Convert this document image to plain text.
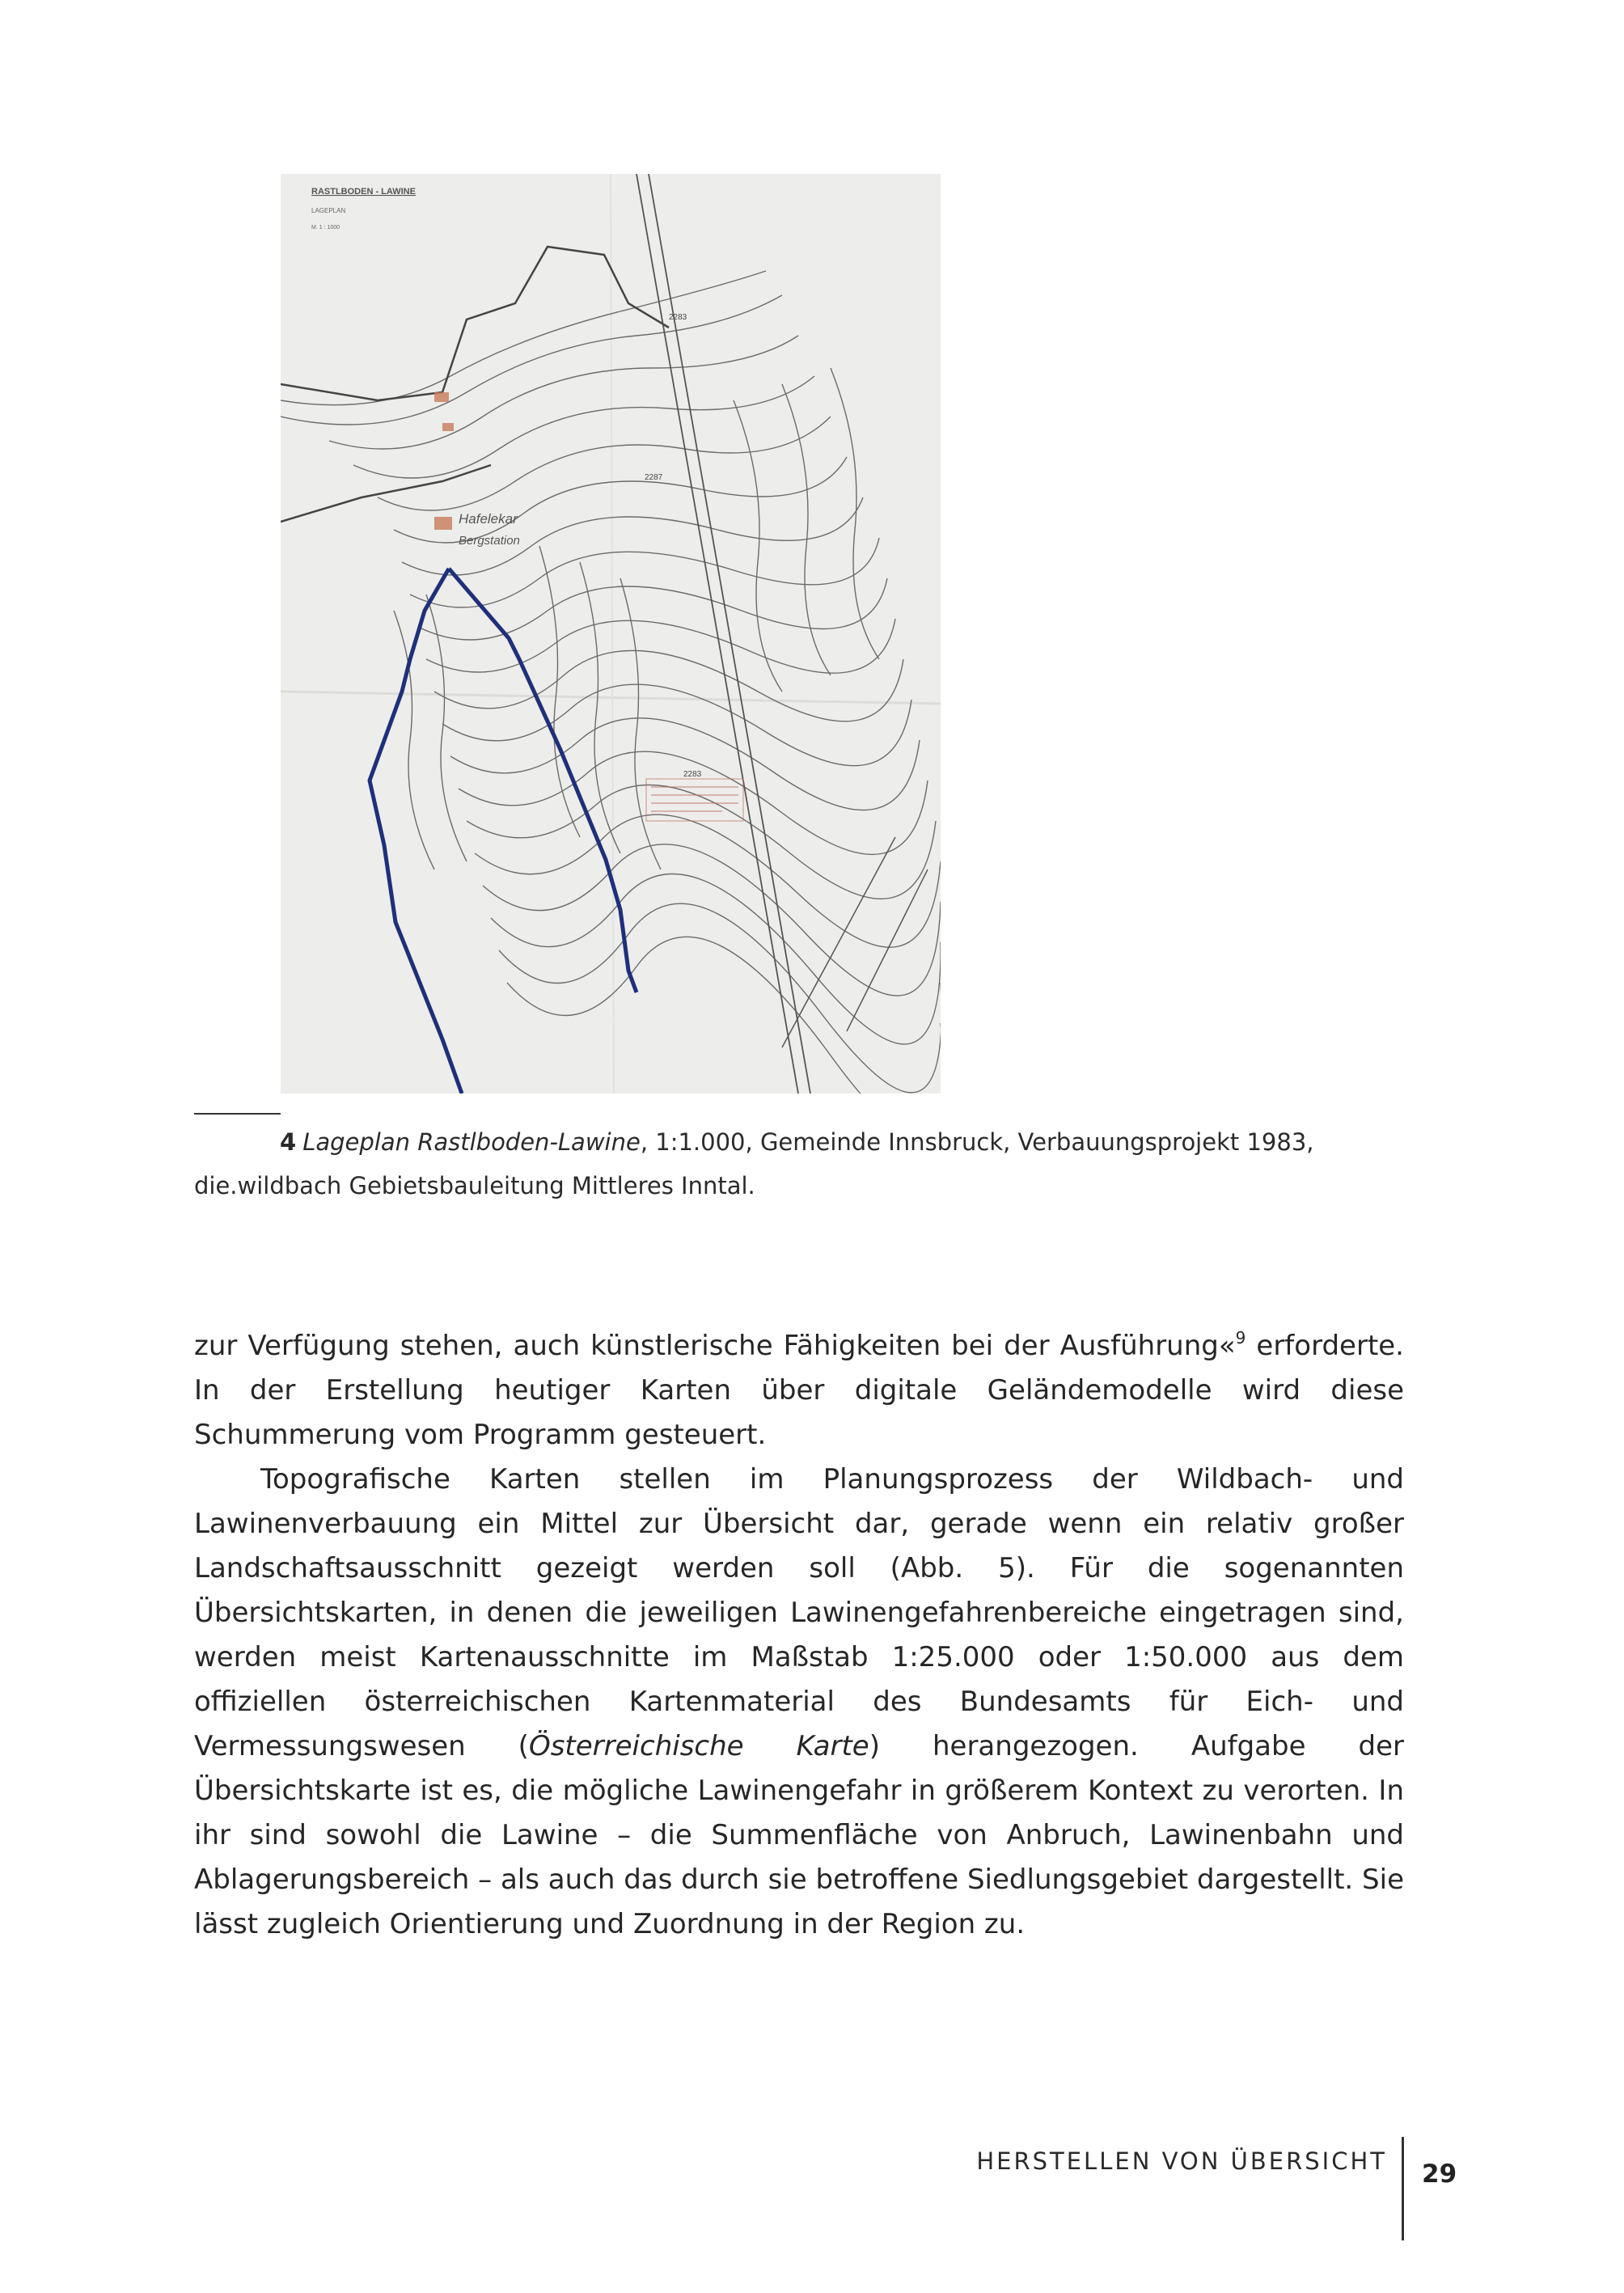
RASTLBODEN - LAWINE
LAGEPLAN
M. 1 : 1000
Hafelekar
Bergstation
2283
2283
2287
4 Lageplan Rastlboden-Lawine, 1:1.000, Gemeinde Innsbruck, Verbauungsprojekt 1983, die.wildbach Gebietsbauleitung Mittleres Inntal.

zur Verfügung stehen, auch künstlerische Fähigkeiten bei der Ausführung«$^9$ erforderte. In der Erstellung heutiger Karten über digitale Geländemodelle wird diese Schummerung vom Programm gesteuert.

Topografische Karten stellen im Planungsprozess der Wildbach- und Lawinenverbauung ein Mittel zur Übersicht dar, gerade wenn ein relativ großer Landschaftsausschnitt gezeigt werden soll (Abb. 5). Für die sogenannten Übersichtskarten, in denen die jeweiligen Lawinengefahrenbereiche eingetragen sind, werden meist Kartenausschnitte im Maßstab 1:25.000 oder 1:50.000 aus dem offiziellen österreichischen Kartenmaterial des Bundesamts für Eich- und Vermessungswesen (Österreichische Karte) herangezogen. Aufgabe der Übersichtskarte ist es, die mögliche Lawinengefahr in größerem Kontext zu verorten. In ihr sind sowohl die Lawine – die Summenfläche von Anbruch, Lawinenbahn und Ablagerungsbereich – als auch das durch sie betroffene Siedlungsgebiet dargestellt. Sie lässt zugleich Orientierung und Zuordnung in der Region zu.

HERSTELLEN VON ÜBERSICHT 29
